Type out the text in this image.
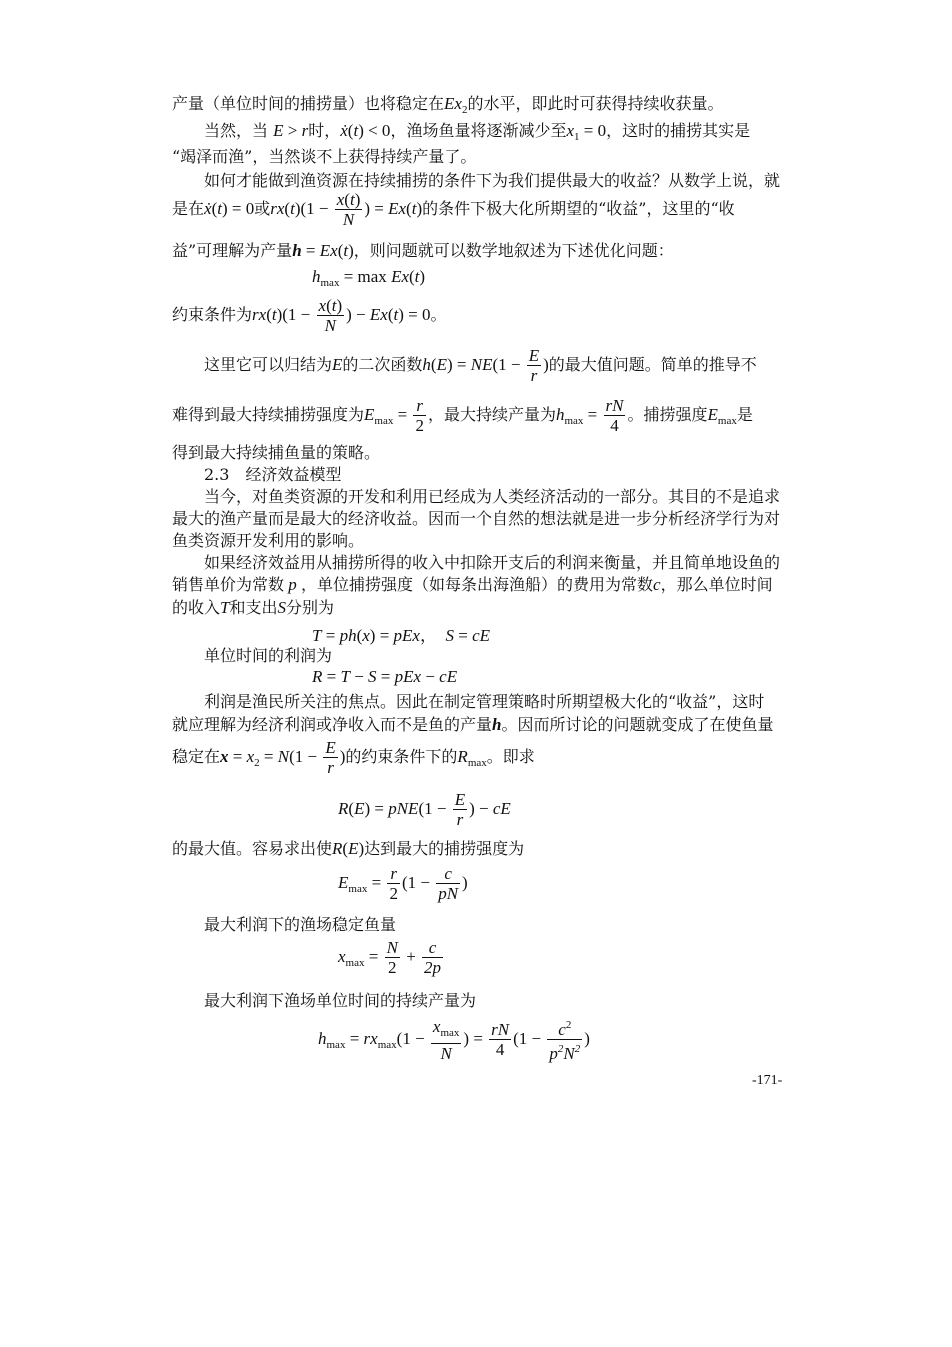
产量（单位时间的捕捞量）也将稳定在$Ex_2$的水平，即此时可获得持续收获量。
当然，当 E > r时，ẋ(t) < 0，渔场鱼量将逐渐减少至$x_1 = 0$，这时的捕捞其实是
“竭泽而渔”，当然谈不上获得持续产量了。
如何才能做到渔资源在持续捕捞的条件下为我们提供最大的收益？从数学上说，就
是在ẋ(t) = 0或$rx(t)(1 - \frac{x(t)}{N}$ ) = Ex(t)的条件下极大化所期望的“收益”，这里的“收
益”可理解为产量h = Ex(t)，则问题就可以数学地叙述为下述优化问题：
$h_{max} = \max Ex(t)$
约束条件为$rx(t)(1 - \frac{x(t)}{N}$ ) − Ex(t) = 0。
这里它可以归结为E的二次函数$h(E) = NE(1 - \frac{E}{r}$ )的最大值问题。简单的推导不
难得到最大持续捕捞强度为$E_{max} = \frac{r}{2}$ ，最大持续产量为$h_{max} = \frac{rN}{4}$ 。捕捞强度$E_{max}$是
得到最大持续捕鱼量的策略。
2.3　经济效益模型
当今，对鱼类资源的开发和利用已经成为人类经济活动的一部分。其目的不是追求
最大的渔产量而是最大的经济收益。因而一个自然的想法就是进一步分析经济学行为对
鱼类资源开发利用的影响。
如果经济效益用从捕捞所得的收入中扣除开支后的利润来衡量，并且简单地设鱼的
销售单价为常数 p ，单位捕捞强度（如每条出海渔船）的费用为常数c，那么单位时间
的收入T和支出S分别为
T = ph(x) = pEx，　S = cE
单位时间的利润为
R = T − S = pEx − cE
利润是渔民所关注的焦点。因此在制定管理策略时所期望极大化的“收益”，这时
就应理解为经济利润或净收入而不是鱼的产量h。因而所讨论的问题就变成了在使鱼量
稳定在$x = x_2 = N(1 - \frac{E}{r}$ )的约束条件下的$R_{max}$。即求
$R(E) = pNE(1 - \frac{E}{r}$ ) − cE
的最大值。容易求出使R(E)达到最大的捕捞强度为
$E_{max} = \frac{r}{2} (1 - \frac{c}{pN}$ )
最大利润下的渔场稳定鱼量
$x_{max} = \frac{N}{2} + \frac{c}{2p}$
最大利润下渔场单位时间的持续产量为
$h_{max} = rx_{max}(1 - \frac{x_{max}}{N}$ ) = $\frac{rN}{4} (1 - \frac{c^2}{p^2N^2}$ )
-171-
